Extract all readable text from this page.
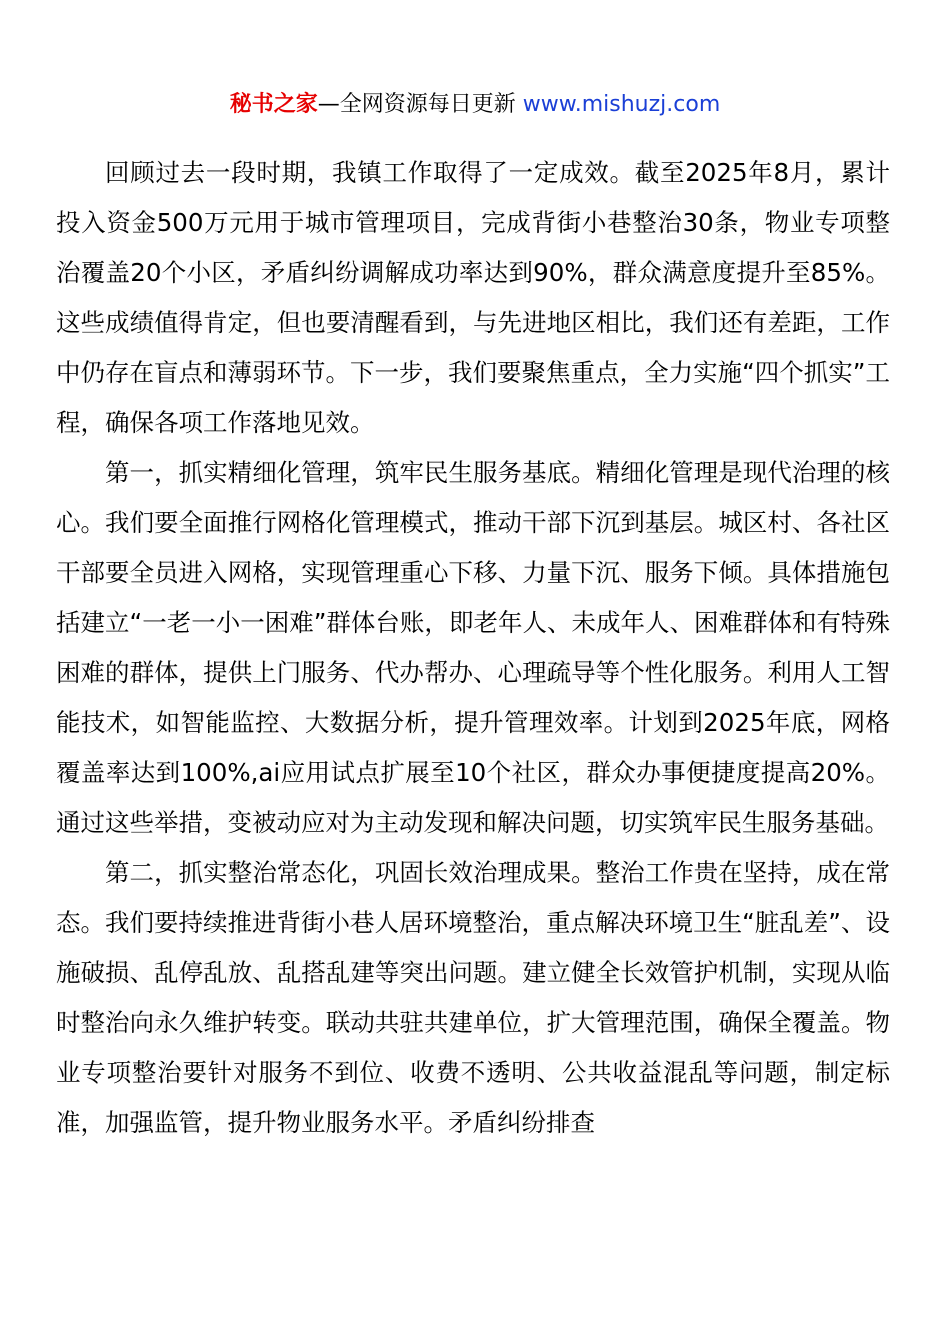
秘书之家—全网资源每日更新 www.mishuzj.com

回顾过去一段时期，我镇工作取得了一定成效。截至2025年8月，累计投入资金500万元用于城市管理项目，完成背街小巷整治30条，物业专项整治覆盖20个小区，矛盾纠纷调解成功率达到90%，群众满意度提升至85%。这些成绩值得肯定，但也要清醒看到，与先进地区相比，我们还有差距，工作中仍存在盲点和薄弱环节。下一步，我们要聚焦重点，全力实施“四个抓实”工程，确保各项工作落地见效。

第一，抓实精细化管理，筑牢民生服务基底。精细化管理是现代治理的核心。我们要全面推行网格化管理模式，推动干部下沉到基层。城区村、各社区干部要全员进入网格，实现管理重心下移、力量下沉、服务下倾。具体措施包括建立“一老一小一困难”群体台账，即老年人、未成年人、困难群体和有特殊困难的群体，提供上门服务、代办帮办、心理疏导等个性化服务。利用人工智能技术，如智能监控、大数据分析，提升管理效率。计划到2025年底，网格覆盖率达到100%,ai应用试点扩展至10个社区，群众办事便捷度提高20%。通过这些举措，变被动应对为主动发现和解决问题，切实筑牢民生服务基础。

第二，抓实整治常态化，巩固长效治理成果。整治工作贵在坚持，成在常态。我们要持续推进背街小巷人居环境整治，重点解决环境卫生“脏乱差”、设施破损、乱停乱放、乱搭乱建等突出问题。建立健全长效管护机制，实现从临时整治向永久维护转变。联动共驻共建单位，扩大管理范围，确保全覆盖。物业专项整治要针对服务不到位、收费不透明、公共收益混乱等问题，制定标准，加强监管，提升物业服务水平。矛盾纠纷排查
